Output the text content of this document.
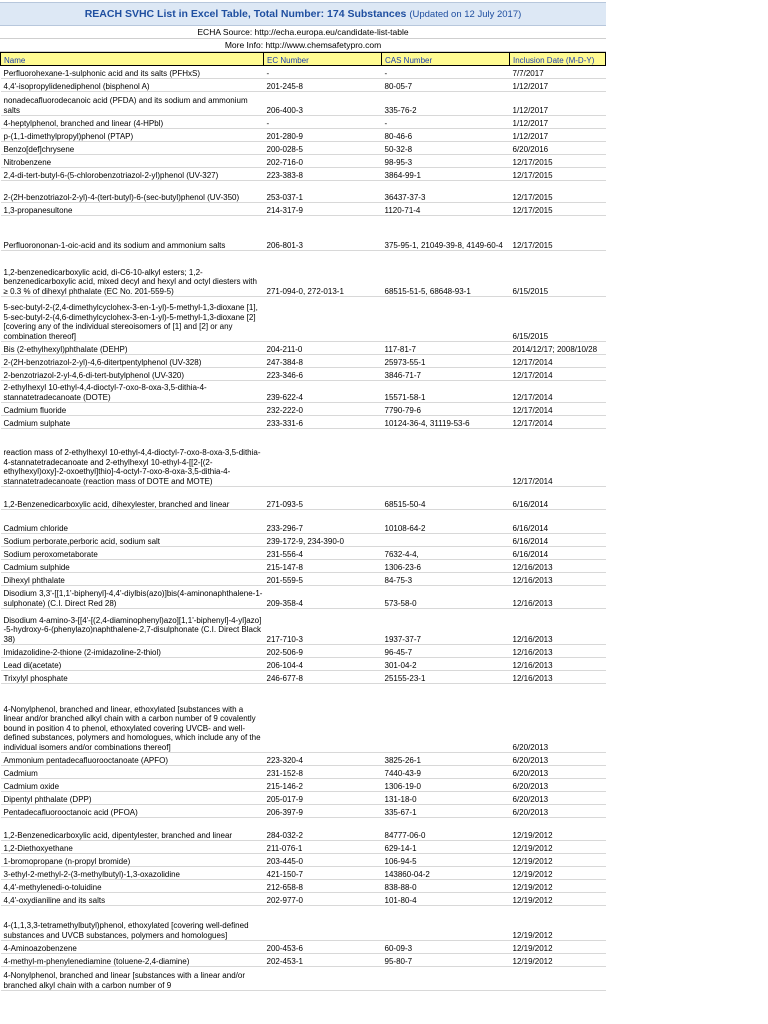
REACH SVHC List in Excel Table, Total Number: 174 Substances (Updated on 12 July 2017)
ECHA Source: http://echa.europa.eu/candidate-list-table
More Info: http://www.chemsafetypro.com
Name	EC Number	CAS Number	Inclusion Date (M-D-Y)
Perfluorohexane-1-sulphonic acid and its salts (PFHxS)	-	-	7/7/2017
4,4'-isopropylidenediphenol (bisphenol A)	201-245-8	80-05-7	1/12/2017
nonadecafluorodecanoic acid (PFDA) and its sodium and ammonium salts	206-400-3	335-76-2	1/12/2017
4-heptylphenol, branched and linear (4-HPbl)	-	-	1/12/2017
p-(1,1-dimethylpropyl)phenol (PTAP)	201-280-9	80-46-6	1/12/2017
Benzo[def]chrysene	200-028-5	50-32-8	6/20/2016
Nitrobenzene	202-716-0	98-95-3	12/17/2015
2,4-di-tert-butyl-6-(5-chlorobenzotriazol-2-yl)phenol (UV-327)	223-383-8	3864-99-1	12/17/2015
2-(2H-benzotriazol-2-yl)-4-(tert-butyl)-6-(sec-butyl)phenol (UV-350)	253-037-1	36437-37-3	12/17/2015
1,3-propanesultone	214-317-9	1120-71-4	12/17/2015
Perfluorononan-1-oic-acid and its sodium and ammonium salts	206-801-3	375-95-1, 21049-39-8, 4149-60-4	12/17/2015
1,2-benzenedicarboxylic acid, di-C6-10-alkyl esters; 1,2-benzenedicarboxylic acid, mixed decyl and hexyl and octyl diesters with ≥ 0.3 % of dihexyl phthalate (EC No. 201-559-5)	271-094-0, 272-013-1	68515-51-5, 68648-93-1	6/15/2015
5-sec-butyl-2-(2,4-dimethylcyclohex-3-en-1-yl)-5-methyl-1,3-dioxane [1], 5-sec-butyl-2-(4,6-dimethylcyclohex-3-en-1-yl)-5-methyl-1,3-dioxane [2] [covering any of the individual stereoisomers of [1] and [2] or any combination thereof]			6/15/2015
Bis (2-ethylhexyl)phthalate (DEHP)	204-211-0	117-81-7	2014/12/17; 2008/10/28
2-(2H-benzotriazol-2-yl)-4,6-ditertpentylphenol (UV-328)	247-384-8	25973-55-1	12/17/2014
2-benzotriazol-2-yl-4,6-di-tert-butylphenol (UV-320)	223-346-6	3846-71-7	12/17/2014
2-ethylhexyl 10-ethyl-4,4-dioctyl-7-oxo-8-oxa-3,5-dithia-4-stannatetradecanoate (DOTE)	239-622-4	15571-58-1	12/17/2014
Cadmium fluoride	232-222-0	7790-79-6	12/17/2014
Cadmium sulphate	233-331-6	10124-36-4, 31119-53-6	12/17/2014
reaction mass of 2-ethylhexyl 10-ethyl-4,4-dioctyl-7-oxo-8-oxa-3,5-dithia-4-stannatetradecanoate and 2-ethylhexyl 10-ethyl-4-[[2-[(2-ethylhexyl)oxy]-2-oxoethyl]thio]-4-octyl-7-oxo-8-oxa-3,5-dithia-4-stannatetradecanoate (reaction mass of DOTE and MOTE)			12/17/2014
1,2-Benzenedicarboxylic acid, dihexylester, branched and linear	271-093-5	68515-50-4	6/16/2014
Cadmium chloride	233-296-7	10108-64-2	6/16/2014
Sodium perborate,perboric acid, sodium salt	239-172-9, 234-390-0		6/16/2014
Sodium peroxometaborate	231-556-4	7632-4-4,	6/16/2014
Cadmium sulphide	215-147-8	1306-23-6	12/16/2013
Dihexyl phthalate	201-559-5	84-75-3	12/16/2013
Disodium 3,3'-[[1,1'-biphenyl]-4,4'-diylbis(azo)]bis(4-aminonaphthalene-1-sulphonate) (C.I. Direct Red 28)	209-358-4	573-58-0	12/16/2013
Disodium 4-amino-3-[[4'-[(2,4-diaminophenyl)azo][1,1'-biphenyl]-4-yl]azo] -5-hydroxy-6-(phenylazo)naphthalene-2,7-disulphonate (C.I. Direct Black 38)	217-710-3	1937-37-7	12/16/2013
Imidazolidine-2-thione (2-imidazoline-2-thiol)	202-506-9	96-45-7	12/16/2013
Lead di(acetate)	206-104-4	301-04-2	12/16/2013
Trixylyl phosphate	246-677-8	25155-23-1	12/16/2013
4-Nonylphenol, branched and linear, ethoxylated [substances with a linear and/or branched alkyl chain with a carbon number of 9 covalently bound in position 4 to phenol, ethoxylated covering UVCB- and well-defined substances, polymers and homologues, which include any of the individual isomers and/or combinations thereof]			6/20/2013
Ammonium pentadecafluorooctanoate (APFO)	223-320-4	3825-26-1	6/20/2013
Cadmium	231-152-8	7440-43-9	6/20/2013
Cadmium oxide	215-146-2	1306-19-0	6/20/2013
Dipentyl phthalate (DPP)	205-017-9	131-18-0	6/20/2013
Pentadecafluorooctanoic acid (PFOA)	206-397-9	335-67-1	6/20/2013
1,2-Benzenedicarboxylic acid, dipentylester, branched and linear	284-032-2	84777-06-0	12/19/2012
1,2-Diethoxyethane	211-076-1	629-14-1	12/19/2012
1-bromopropane (n-propyl bromide)	203-445-0	106-94-5	12/19/2012
3-ethyl-2-methyl-2-(3-methylbutyl)-1,3-oxazolidine	421-150-7	143860-04-2	12/19/2012
4,4'-methylenedi-o-toluidine	212-658-8	838-88-0	12/19/2012
4,4'-oxydianiline and its salts	202-977-0	101-80-4	12/19/2012
4-(1,1,3,3-tetramethylbutyl)phenol, ethoxylated [covering well-defined substances and UVCB substances, polymers and homologues]			12/19/2012
4-Aminoazobenzene	200-453-6	60-09-3	12/19/2012
4-methyl-m-phenylenediamine (toluene-2,4-diamine)	202-453-1	95-80-7	12/19/2012
4-Nonylphenol, branched and linear [substances with a linear and/or branched alkyl chain with a carbon number of 9			
